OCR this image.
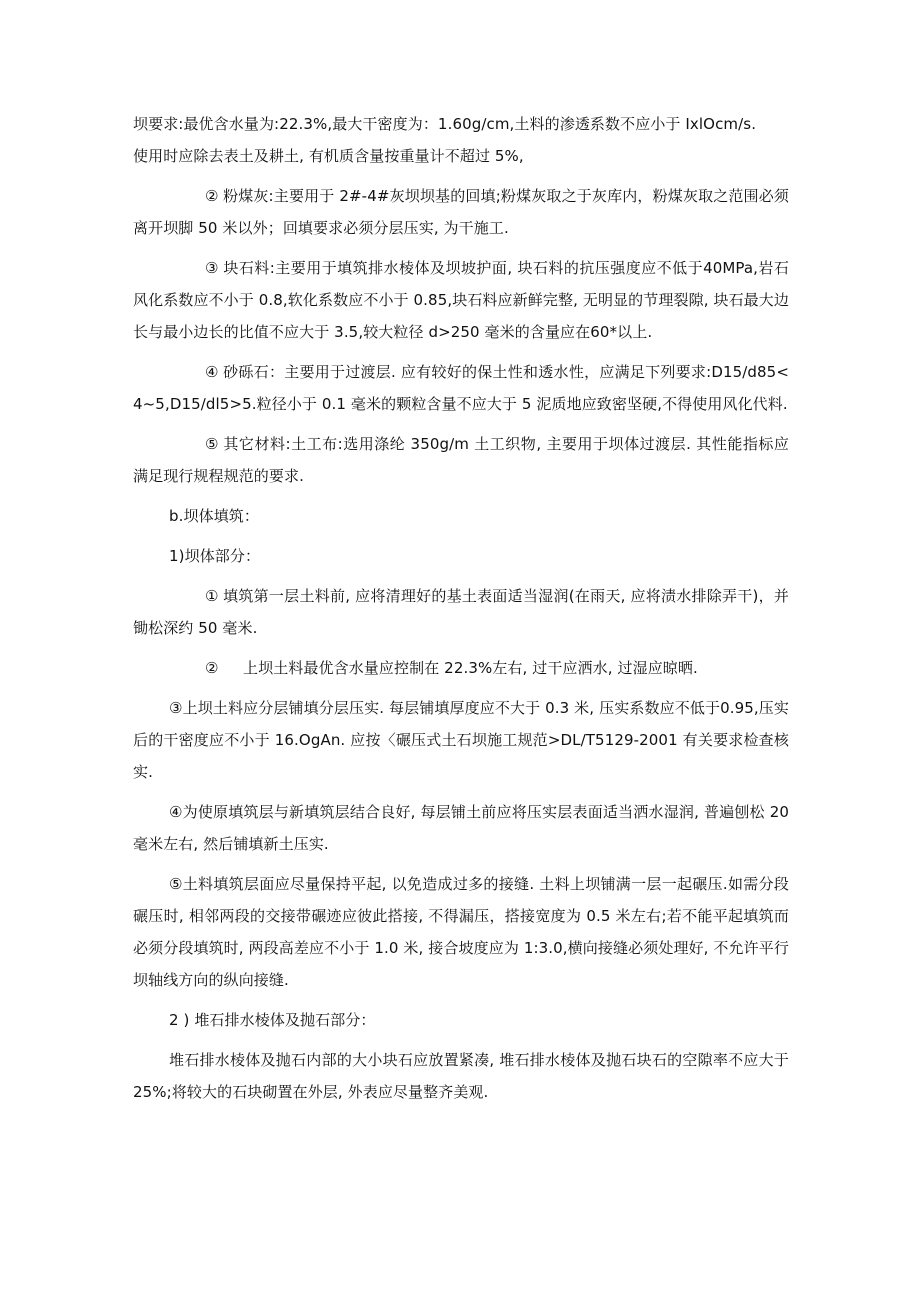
坝要求:最优含水量为:22.3%,最大干密度为：1.60g∕cm,土料的渗透系数不应小于 IxlOcm∕s.
使用时应除去表土及耕土, 有机质含量按重量计不超过 5%,

② 粉煤灰:主要用于 2#-4#灰坝坝基的回填;粉煤灰取之于灰库内，粉煤灰取之范围必须离开坝脚 50 米以外；回填要求必须分层压实, 为干施工.

③ 块石料:主要用于填筑排水棱体及坝坡护面, 块石料的抗压强度应不低于40MPa,岩石风化系数应不小于 0.8,软化系数应不小于 0.85,块石料应新鲜完整, 无明显的节理裂隙, 块石最大边长与最小边长的比值不应大于 3.5,较大粒径 d>250 毫米的含量应在60*以上.

④ 砂砾石：主要用于过渡层. 应有较好的保土性和透水性，应满足下列要求:D15∕d85<4~5,D15∕dl5>5.粒径小于 0.1 毫米的颗粒含量不应大于 5 泥质地应致密坚硬,不得使用风化代料.

⑤ 其它材料:土工布:选用涤纶 350g∕m 土工织物, 主要用于坝体过渡层. 其性能指标应满足现行规程规范的要求.

b.坝体填筑：

1)坝体部分：

① 填筑第一层土料前, 应将清理好的基土表面适当湿润(在雨天, 应将渍水排除弄干)，并锄松深约 50 毫米.

② 上坝土料最优含水量应控制在 22.3%左右, 过干应洒水, 过湿应晾晒.

③上坝土料应分层铺填分层压实. 每层铺填厚度应不大于 0.3 米, 压实系数应不低于0.95,压实后的干密度应不小于 16.OgAn. 应按〈碾压式土石坝施工规范>DL∕T5129-2001 有关要求检查核实.

④为使原填筑层与新填筑层结合良好, 每层铺土前应将压实层表面适当洒水湿润, 普遍刨松 20 毫米左右, 然后铺填新土压实.

⑤土料填筑层面应尽量保持平起, 以免造成过多的接缝. 土料上坝铺满一层一起碾压.如需分段碾压时, 相邻两段的交接带碾迹应彼此搭接, 不得漏压，搭接宽度为 0.5 米左右;若不能平起填筑而必须分段填筑时, 两段高差应不小于 1.0 米, 接合坡度应为 1:3.0,横向接缝必须处理好, 不允许平行坝轴线方向的纵向接缝.

2 ) 堆石排水棱体及抛石部分：

堆石排水棱体及抛石内部的大小块石应放置紧凑, 堆石排水棱体及抛石块石的空隙率不应大于 25%;将较大的石块砌置在外层, 外表应尽量整齐美观.
